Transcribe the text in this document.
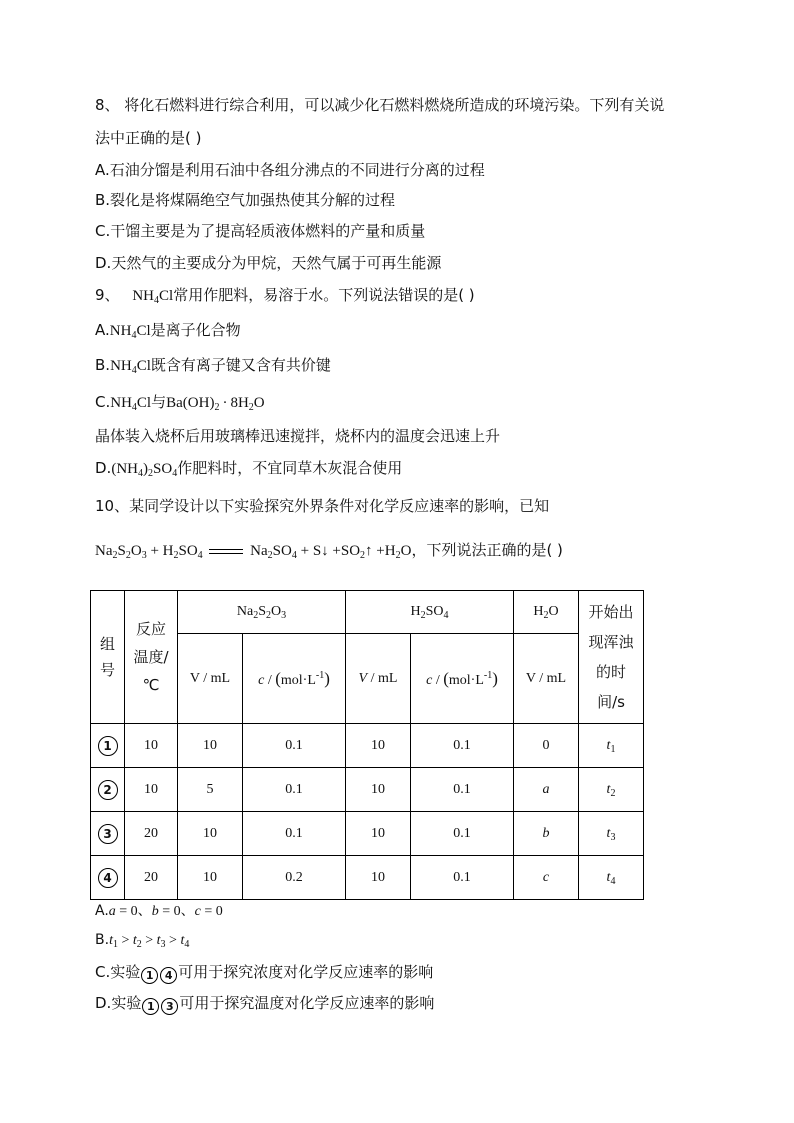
8、 将化石燃料进行综合利用，可以减少化石燃料燃烧所造成的环境污染。下列有关说
法中正确的是( )
A.石油分馏是利用石油中各组分沸点的不同进行分离的过程
B.裂化是将煤隔绝空气加强热使其分解的过程
C.干馏主要是为了提高轻质液体燃料的产量和质量
D.天然气的主要成分为甲烷，天然气属于可再生能源
9、 $NH_4Cl$常用作肥料，易溶于水。下列说法错误的是( )
$A.NH_4Cl$是离子化合物
$B.NH_4Cl$既含有离子键又含有共价键
$C.NH_4Cl$与$Ba(OH)_2 \cdot 8H_2O$
晶体装入烧杯后用玻璃棒迅速搅拌，烧杯内的温度会迅速上升
$D.(NH_4)_2SO_4$作肥料时，不宜同草木灰混合使用
10、某同学设计以下实验探究外界条件对化学反应速率的影响，已知
$Na_2S_2O_3 + H_2SO_4$	$Na_2SO_4$ + S↓ $+SO_2↑ +H_2O$，下列说法正确的是( )
组号	反应温度/℃	$Na_2S_2O_3$		$H_2SO_4$		$H_2O$	开始出现浑浊的时间/s
		V / mL	$c / (mol\cdot L^{-1})$	V / mL	$c / (mol\cdot L^{-1})$	V / mL	
1	10	10	0.1	10	0.1	0	$t_1$
2	10	5	0.1	10	0.1	a	$t_2$
3	20	10	0.1	10	0.1	b	$t_3$
4	20	10	0.2	10	0.1	c	$t_4$
A.a = 0、b = 0、c = 0
$B.t_1 > t_2 > t_3 > t_4$
C.实验 1 4 可用于探究浓度对化学反应速率的影响
D.实验 1 3 可用于探究温度对化学反应速率的影响
